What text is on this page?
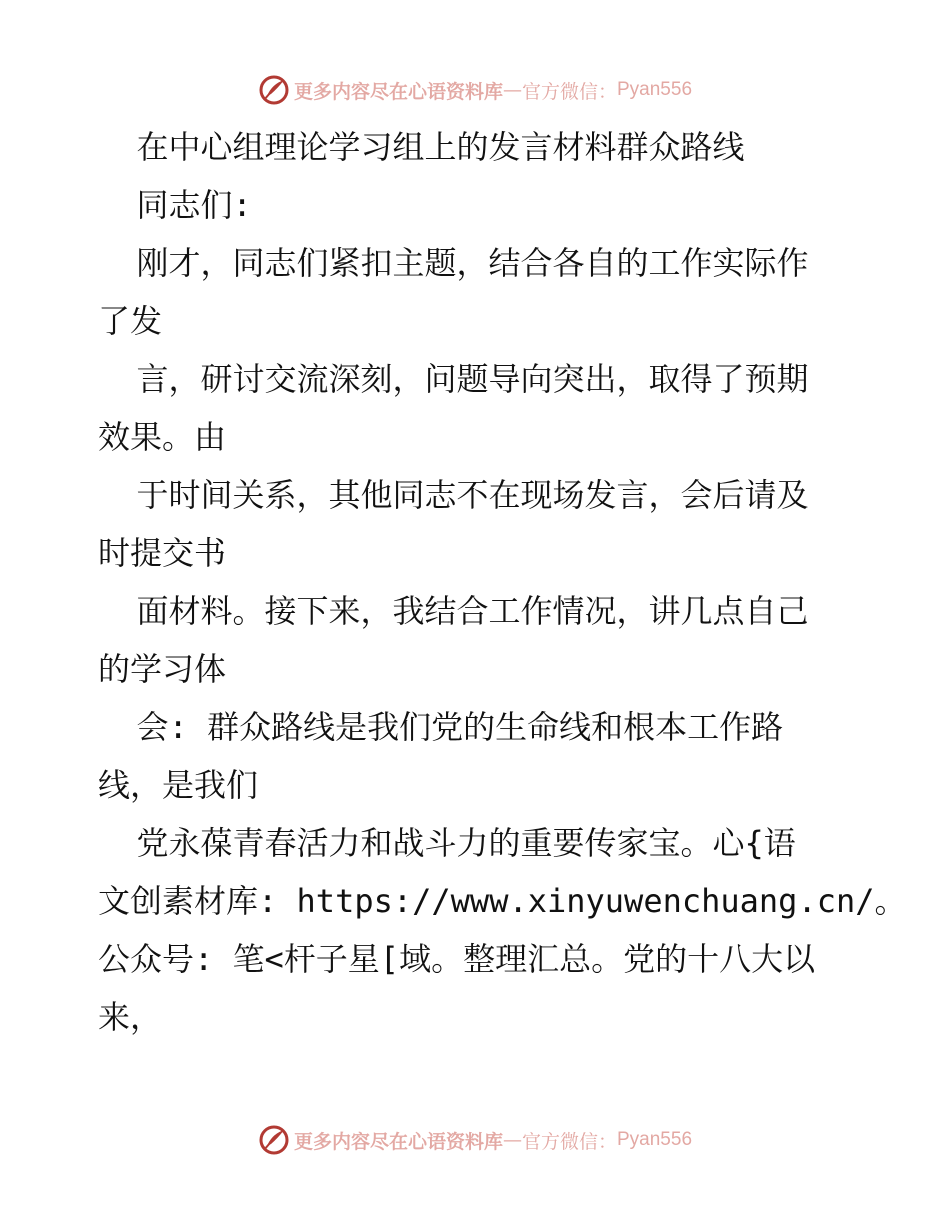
更多内容尽在心语资料库 — 官方微信： Pyan556
在中心组理论学习组上的发言材料群众路线
同志们:
刚才，同志们紧扣主题，结合各自的工作实际作
了发
言，研讨交流深刻，问题导向突出，取得了预期
效果。由
于时间关系，其他同志不在现场发言，会后请及
时提交书
面材料。接下来，我结合工作情况，讲几点自己
的学习体
会: 群众路线是我们党的生命线和根本工作路
线，是我们
党永葆青春活力和战斗力的重要传家宝。心{语
文创素材库: https://www.xinyuwenchuang.cn/。
公众号: 笔<杆子星[域。整理汇总。党的十八大以
来，
更多内容尽在心语资料库 — 官方微信： Pyan556
